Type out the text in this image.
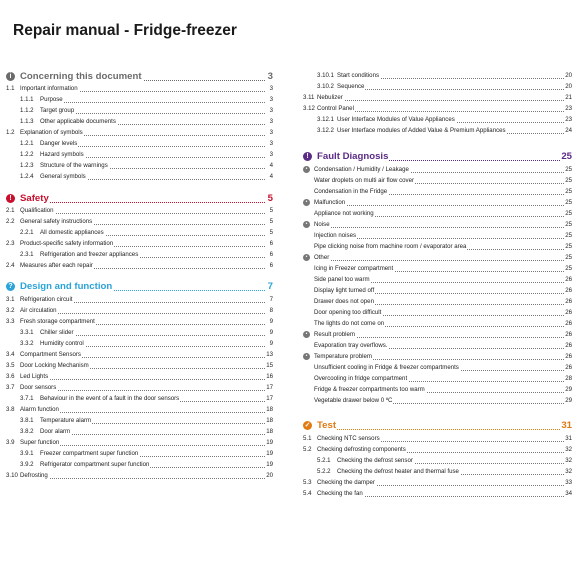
Repair manual - Fridge-freezer
i Concerning this document	3
1.1 Important information	3
1.1.1 Purpose	3
1.1.2 Target group	3
1.1.3 Other applicable documents	3
1.2 Explanation of symbols	3
1.2.1 Danger levels	3
1.2.2 Hazard symbols	3
1.2.3 Structure of the warnings	4
1.2.4 General symbols	4
! Safety	5
2.1 Qualification	5
2.2 General safety instructions	5
2.2.1 All domestic appliances	5
2.3 Product-specific safety information	6
2.3.1 Refrigeration and freezer appliances	6
2.4 Measures after each repair	6
? Design and function	7
3.1 Refrigeration circuit	7
3.2 Air circulation	8
3.3 Fresh storage compartment	9
3.3.1 Chiller slider	9
3.3.2 Humidity control	9
3.4 Compartment Sensors	13
3.5 Door Locking Mechanism	15
3.6 Led Lights	16
3.7 Door sensors	17
3.7.1 Behaviour in the event of a fault in the door sensors	17
3.8 Alarm function	18
3.8.1 Temperature alarm	18
3.8.2 Door alarm	18
3.9 Super function	19
3.9.1 Freezer compartment super function	19
3.9.2 Refrigerator compartment super function	19
3.10 Defrosting	20
3.10.1 Start conditions	20
3.10.2 Sequence	20
3.11 Nebulizer	21
3.12 Control Panel	23
3.12.1 User Interface Modules of Value Appliances	23
3.12.2 User Interface modules of Added Value & Premium Appliances	24
! Fault Diagnosis	25
•	Condensation / Humidity / Leakage	25
Water droplets on multi air flow cover	25
Condensation in the Fridge	25
•	Malfunction	25
Appliance not working	25
•	Noise	25
Injection noises	25
Pipe clicking noise from machine room / evaporator area	25
•	Other	25
Icing in Freezer compartment	25
Side panel too warm	26
Display light turned off	26
Drawer does not open	26
Door opening too difficult	26
The lights do not come on	26
•	Result problem	26
Evaporation tray overflows.	26
•	Temperature problem	26
Unsufficient cooling in Fridge & freezer compartments	26
Overcooling in fridge compartment	28
Fridge & freezer compartments too warm	29
Vegetable drawer below 0 ºC	29
✓ Test	31
5.1 Checking NTC sensors	31
5.2 Checking defrosting components	32
5.2.1 Checking the defrost sensor	32
5.2.2 Checking the defrost heater and thermal fuse	32
5.3 Checking the damper	33
5.4 Checking the fan	34
